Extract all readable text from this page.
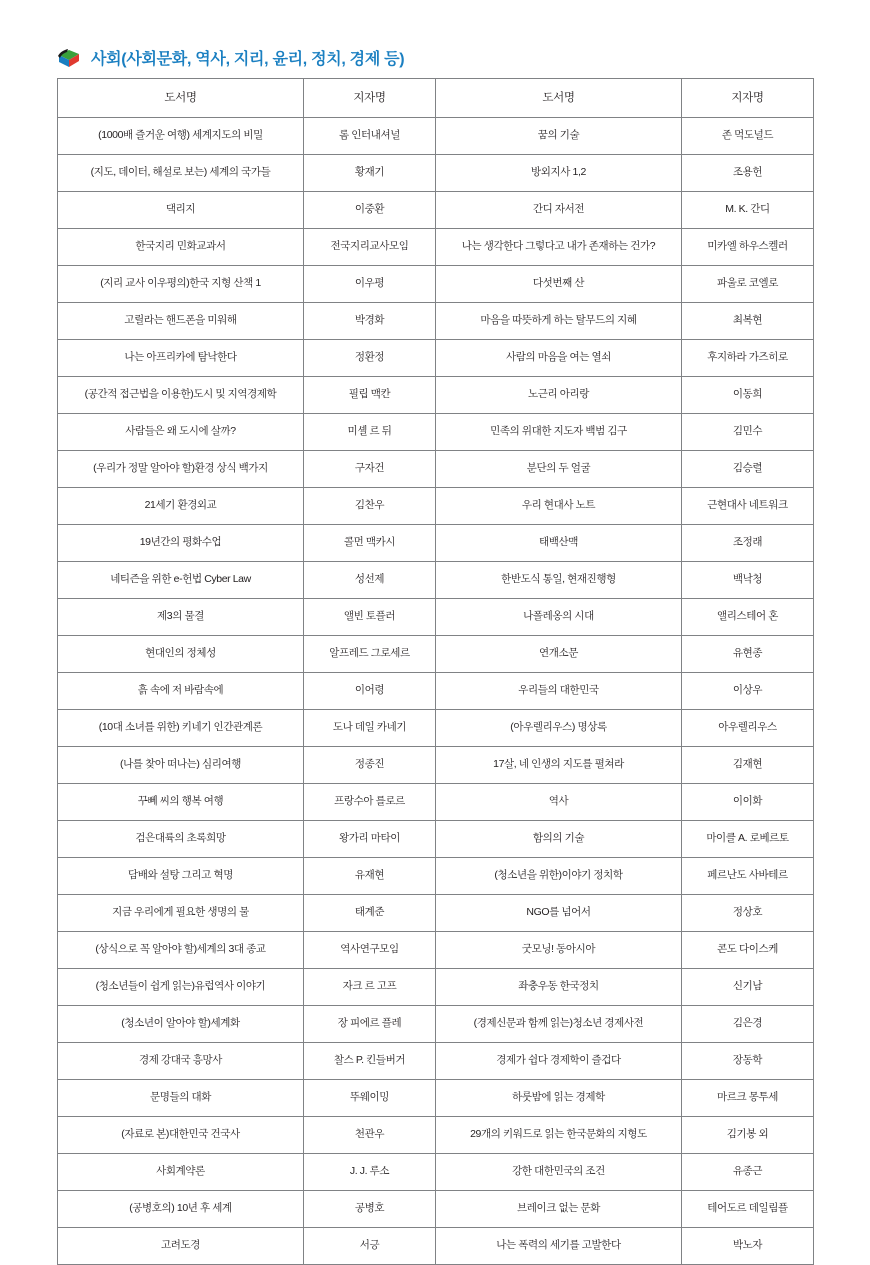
사회(사회문화, 역사, 지리, 윤리, 정치, 경제 등)
도서명	지자명	도서명	지자명
(1000배 즐거운 여행) 세계지도의 비밀	롬 인터내셔널	꿈의 기술	존 먹도널드
(지도, 데이터, 해설로 보는) 세계의 국가들	황재기	방외지사 1,2	조용헌
댁리지	이중환	간디 자서전	M. K. 간디
한국지리 민화교과서	전국지리교사모임	나는 생각한다 그렇다고 내가 존재하는 건가?	미카엘 하우스켈러
(지리 교사 이우평의)한국 지형 산책 1	이우평	다섯번째 산	파울로 코엘로
고릴라는 핸드폰을 미워해	박경화	마음을 따뜻하게 하는 탈무드의 지혜	최복현
나는 아프리카에 탐낙한다	정환정	사람의 마음을 여는 열쇠	후지하라 가즈히로
(공간적 접근법을 이용한)도시 및 지역경제학	필립 맥칸	노근리 아리랑	이동희
사람들은 왜 도시에 살까?	미셸 르 뒤	민족의 위대한 지도자 백범 김구	김민수
(우리가 정말 알아야 할)환경 상식 백가지	구자건	분단의 두 얼굴	김승렬
21세기 환경외교	김찬우	우리 현대사 노트	근현대사 네트워크
19년간의 평화수업	콜먼 맥카시	태백산맥	조정래
네티즌을 위한 e-헌법 Cyber Law	성선제	한반도식 통일, 현재진행형	백낙청
제3의 물결	앨빈 토플러	나폴레옹의 시대	앨리스테어 혼
현대인의 정체성	알프레드 그로세르	연개소문	유현종
흙 속에 저 바람속에	이어령	우리들의 대한민국	이상우
(10대 소녀를 위한) 키네기 인간관계론	도나 데일 카네기	(아우렐리우스) 명상록	아우렐리우스
(나를 찾아 떠나는) 심리여행	정종진	17살, 네 인생의 지도를 펼쳐라	김재현
꾸뻬 씨의 행복 여행	프랑수아 를로르	역사	이이화
검은대륙의 초록희망	왕가리 마타이	함의의 기술	마이클 A. 로베르토
담배와 설탕 그리고 혁명	유재현	(청소년을 위한)이야기 정치학	페르난도 사바테르
지금 우리에게 필요한 생명의 물	태계준	NGO를 넘어서	정상호
(상식으로 꼭 알아야 할)세계의 3대 종교	역사연구모임	굿모닝! 동아시아	콘도 다이스케
(청소년들이 쉽게 읽는)유럽역사 이야기	자크 르 고프	좌충우동 한국정치	신기남
(청소년이 알아야 할)세계화	장 피에르 플레	(경제신문과 함께 읽는)청소년 경제사전	김은경
경제 강대국 흥망사	찰스 P. 킨들버거	경제가 쉽다 경제학이 즐겁다	장동학
문명들의 대화	뚜웨이밍	하룻밤에 읽는 경제학	마르크 몽투세
(자료로 본)대한민국 건국사	천관우	29개의 키워드로 읽는 한국문화의 지형도	김기봉 외
사회계약론	J. J. 루소	강한 대한민국의 조건	유종근
(공병호의) 10년 후 세계	공병호	브레이크 없는 문화	테어도르 데일림플
고려도경	서긍	나는 폭력의 세기를 고발한다	박노자
